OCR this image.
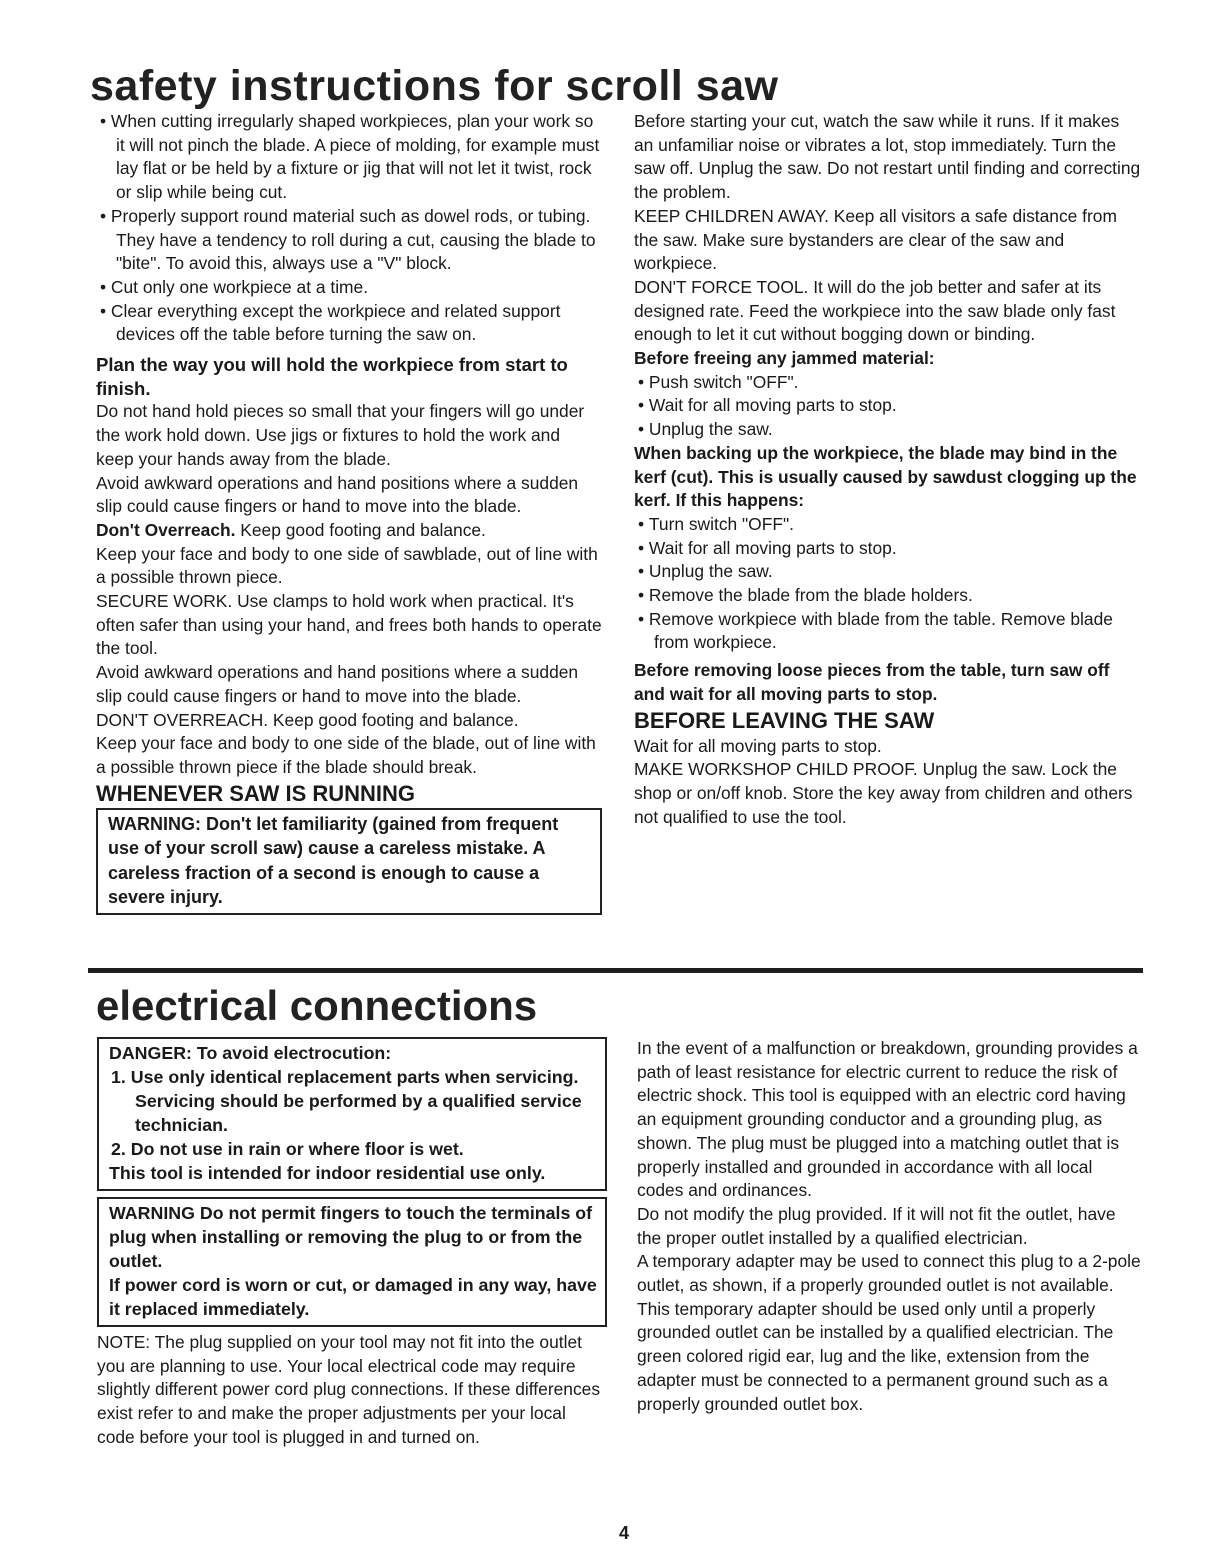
safety instructions for scroll saw

• When cutting irregularly shaped workpieces, plan your work so it will not pinch the blade. A piece of molding, for example must lay flat or be held by a fixture or jig that will not let it twist, rock or slip while being cut.

• Properly support round material such as dowel rods, or tubing. They have a tendency to roll during a cut, causing the blade to "bite". To avoid this, always use a "V" block.

• Cut only one workpiece at a time.

• Clear everything except the workpiece and related support devices off the table before turning the saw on.

Plan the way you will hold the workpiece from start to finish.

Do not hand hold pieces so small that your fingers will go under the work hold down. Use jigs or fixtures to hold the work and keep your hands away from the blade.

Avoid awkward operations and hand positions where a sudden slip could cause fingers or hand to move into the blade.

Don't Overreach. Keep good footing and balance.

Keep your face and body to one side of sawblade, out of line with a possible thrown piece.

SECURE WORK. Use clamps to hold work when practical. It's often safer than using your hand, and frees both hands to operate the tool.

Avoid awkward operations and hand positions where a sudden slip could cause fingers or hand to move into the blade.

DON'T OVERREACH. Keep good footing and balance.

Keep your face and body to one side of the blade, out of line with a possible thrown piece if the blade should break.

WHENEVER SAW IS RUNNING

WARNING: Don't let familiarity (gained from frequent use of your scroll saw) cause a careless mistake. A careless fraction of a second is enough to cause a severe injury.

Before starting your cut, watch the saw while it runs. If it makes an unfamiliar noise or vibrates a lot, stop immediately. Turn the saw off. Unplug the saw. Do not restart until finding and correcting the problem.

KEEP CHILDREN AWAY. Keep all visitors a safe distance from the saw. Make sure bystanders are clear of the saw and workpiece.

DON'T FORCE TOOL. It will do the job better and safer at its designed rate. Feed the workpiece into the saw blade only fast enough to let it cut without bogging down or binding.

Before freeing any jammed material:

• Push switch "OFF".

• Wait for all moving parts to stop.

• Unplug the saw.

When backing up the workpiece, the blade may bind in the kerf (cut). This is usually caused by sawdust clogging up the kerf. If this happens:

• Turn switch "OFF".

• Wait for all moving parts to stop.

• Unplug the saw.

• Remove the blade from the blade holders.

• Remove workpiece with blade from the table. Remove blade from workpiece.

Before removing loose pieces from the table, turn saw off and wait for all moving parts to stop.

BEFORE LEAVING THE SAW

Wait for all moving parts to stop.

MAKE WORKSHOP CHILD PROOF. Unplug the saw. Lock the shop or on/off knob. Store the key away from children and others not qualified to use the tool.

electrical connections

DANGER: To avoid electrocution:

1. Use only identical replacement parts when servicing. Servicing should be performed by a qualified service technician.

2. Do not use in rain or where floor is wet.

This tool is intended for indoor residential use only.

WARNING Do not permit fingers to touch the terminals of plug when installing or removing the plug to or from the outlet.

If power cord is worn or cut, or damaged in any way, have it replaced immediately.

NOTE: The plug supplied on your tool may not fit into the outlet you are planning to use. Your local electrical code may require slightly different power cord plug connections. If these differences exist refer to and make the proper adjustments per your local code before your tool is plugged in and turned on.

In the event of a malfunction or breakdown, grounding provides a path of least resistance for electric current to reduce the risk of electric shock. This tool is equipped with an electric cord having an equipment grounding conductor and a grounding plug, as shown. The plug must be plugged into a matching outlet that is properly installed and grounded in accordance with all local codes and ordinances.

Do not modify the plug provided. If it will not fit the outlet, have the proper outlet installed by a qualified electrician.

A temporary adapter may be used to connect this plug to a 2-pole outlet, as shown, if a properly grounded outlet is not available. This temporary adapter should be used only until a properly grounded outlet can be installed by a qualified electrician. The green colored rigid ear, lug and the like, extension from the adapter must be connected to a permanent ground such as a properly grounded outlet box.

4
